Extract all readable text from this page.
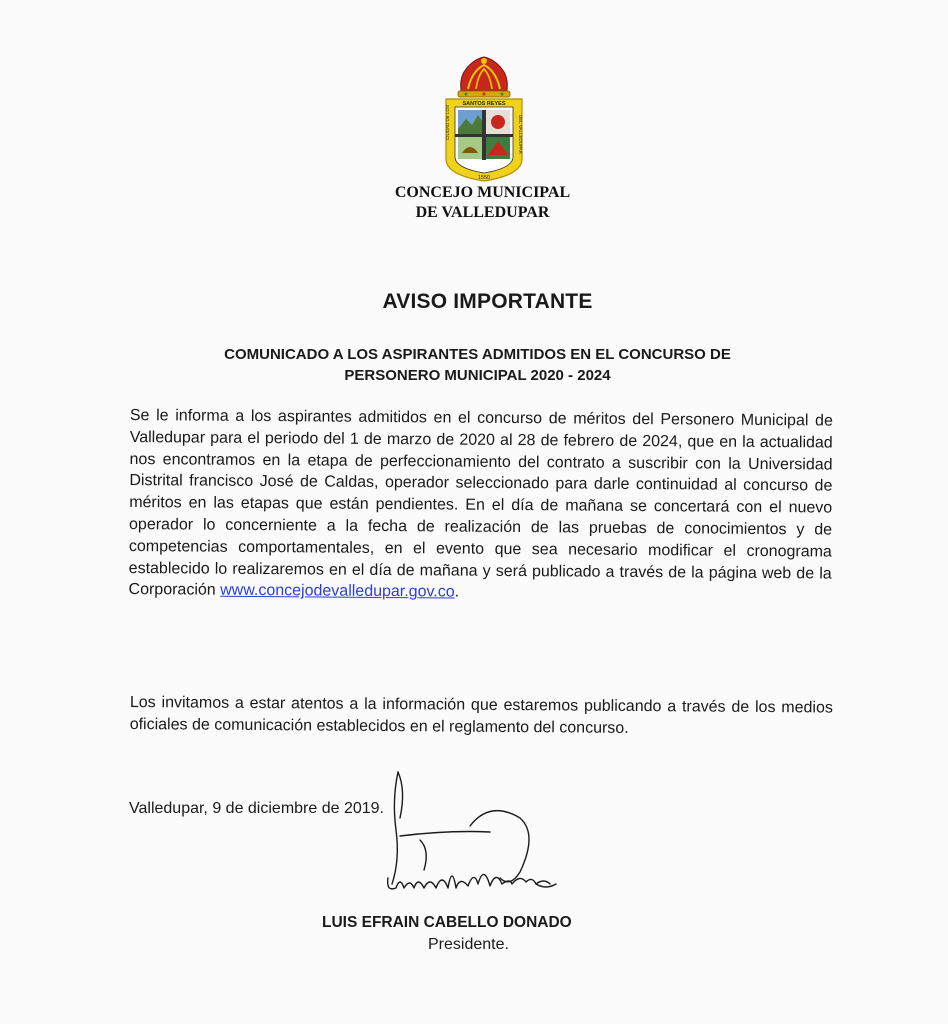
SANTOS REYES
CIUDAD DE LOS	DEL VALLEDUPAR
1550
CONCEJO MUNICIPAL
DE VALLEDUPAR
AVISO IMPORTANTE
COMUNICADO A LOS ASPIRANTES ADMITIDOS EN EL CONCURSO DE
PERSONERO MUNICIPAL 2020 - 2024

Se le informa a los aspirantes admitidos en el concurso de méritos del Personero Municipal de Valledupar para el periodo del 1 de marzo de 2020 al 28 de febrero de 2024, que en la actualidad nos encontramos en la etapa de perfeccionamiento del contrato a suscribir con la Universidad Distrital francisco José de Caldas, operador seleccionado para darle continuidad al concurso de méritos en las etapas que están pendientes. En el día de mañana se concertará con el nuevo operador lo concerniente a la fecha de realización de las pruebas de conocimientos y de competencias comportamentales, en el evento que sea necesario modificar el cronograma establecido lo realizaremos en el día de mañana y será publicado a través de la página web de la Corporación www.concejodevalledupar.gov.co.

Los invitamos a estar atentos a la información que estaremos publicando a través de los medios oficiales de comunicación establecidos en el reglamento del concurso.

Valledupar, 9 de diciembre de 2019.
LUIS EFRAIN CABELLO DONADO
Presidente.
